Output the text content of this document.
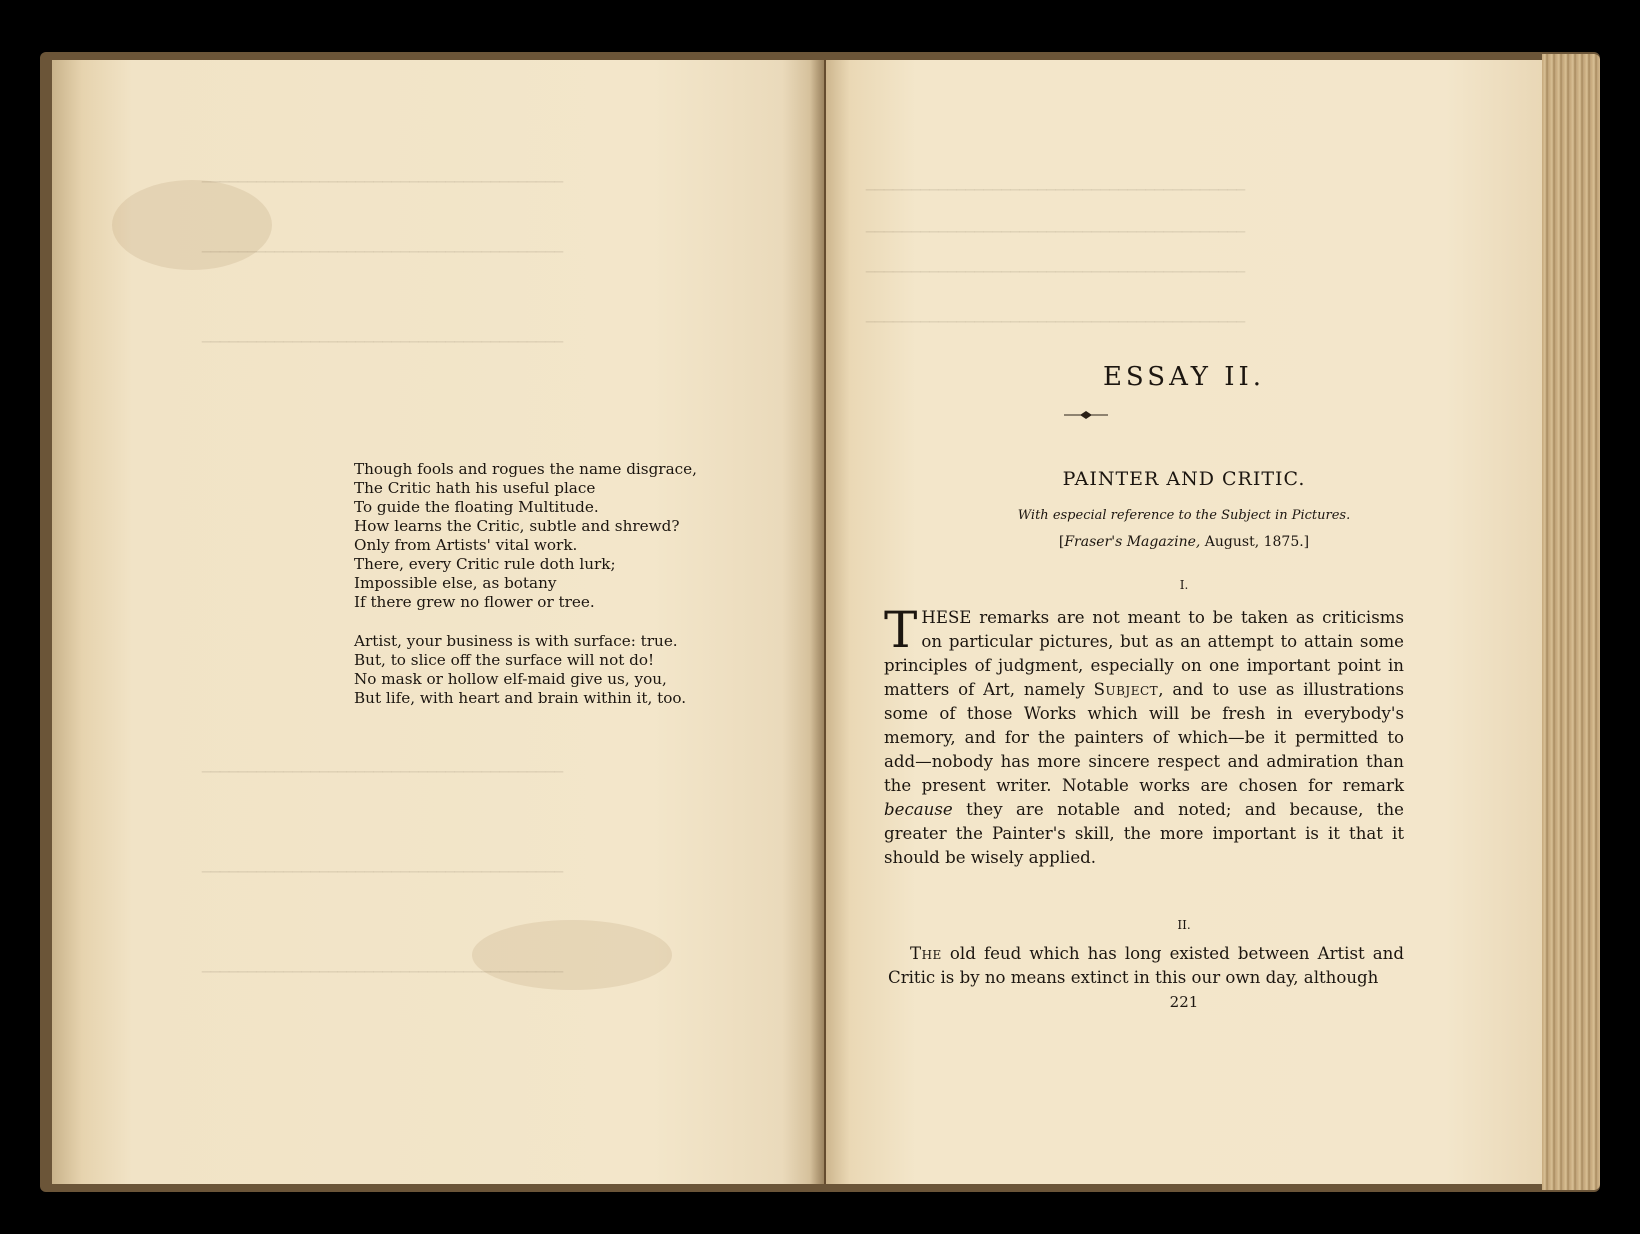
────────────────────────────────────────
────────────────────────────────────────
────────────────────────────────────────
────────────────────────────────────────
────────────────────────────────────────
────────────────────────────────────────
Though fools and rogues the name disgrace,
The Critic hath his useful place
To guide the floating Multitude.
How learns the Critic, subtle and shrewd?
Only from Artists' vital work.
There, every Critic rule doth lurk;
Impossible else, as botany
If there grew no flower or tree.
Artist, your business is with surface: true.
But, to slice off the surface will not do!
No mask or hollow elf-maid give us, you,
But life, with heart and brain within it, too.
──────────────────────────────────────────
──────────────────────────────────────────
──────────────────────────────────────────
──────────────────────────────────────────
ESSAY II.
PAINTER AND CRITIC.
With especial reference to the Subject in Pictures.
[Fraser's Magazine, August, 1875.]
I.
THESE remarks are not meant to be taken as criticisms on particular pictures, but as an attempt to attain some principles of judgment, especially on one important point in matters of Art, namely Subject, and to use as illustrations some of those Works which will be fresh in everybody's memory, and for the painters of which—be it permitted to add—nobody has more sincere respect and admiration than the present writer. Notable works are chosen for remark because they are notable and noted; and because, the greater the Painter's skill, the more important is it that it should be wisely applied.
II.
The old feud which has long existed between Artist and Critic is by no means extinct in this our own day, although
221
